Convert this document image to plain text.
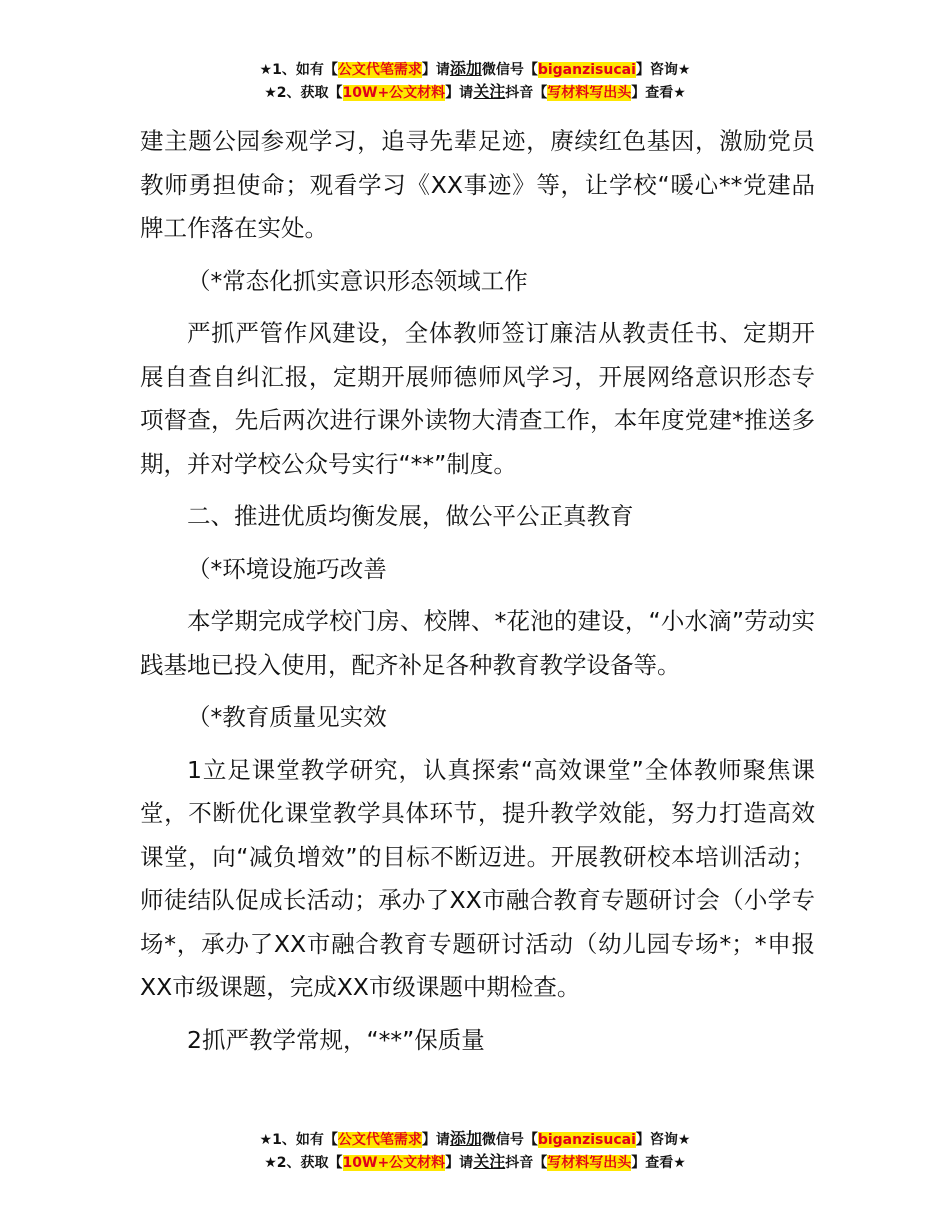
★1、如有【公文代笔需求】请添加微信号【biganzisucai】咨询★
★2、获取【10W+公文材料】请关注抖音【写材料写出头】查看★

建主题公园参观学习，追寻先辈足迹，赓续红色基因，激励党员教师勇担使命；观看学习《XX事迹》等，让学校“暖心**党建品牌工作落在实处。

（*常态化抓实意识形态领域工作

严抓严管作风建设，全体教师签订廉洁从教责任书、定期开展自查自纠汇报，定期开展师德师风学习，开展网络意识形态专项督查，先后两次进行课外读物大清查工作，本年度党建*推送多期，并对学校公众号实行“**”制度。

二、推进优质均衡发展，做公平公正真教育

（*环境设施巧改善

本学期完成学校门房、校牌、*花池的建设，“小水滴”劳动实践基地已投入使用，配齐补足各种教育教学设备等。

（*教育质量见实效

1立足课堂教学研究，认真探索“高效课堂”全体教师聚焦课堂，不断优化课堂教学具体环节，提升教学效能，努力打造高效课堂，向“减负增效”的目标不断迈进。开展教研校本培训活动；师徒结队促成长活动；承办了XX市融合教育专题研讨会（小学专场*，承办了XX市融合教育专题研讨活动（幼儿园专场*；*申报XX市级课题，完成XX市级课题中期检查。

2抓严教学常规，“**”保质量

★1、如有【公文代笔需求】请添加微信号【biganzisucai】咨询★
★2、获取【10W+公文材料】请关注抖音【写材料写出头】查看★
